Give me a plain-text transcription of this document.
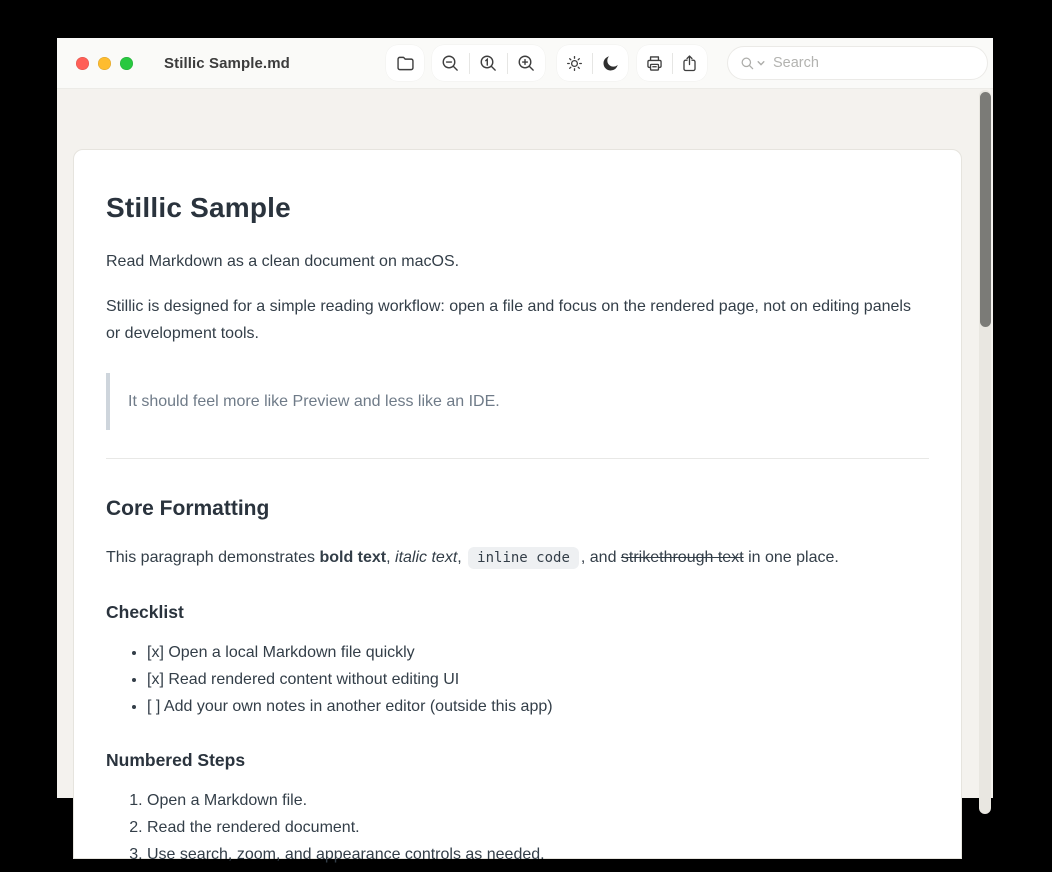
Stillic Sample.md
Search
Stillic Sample

Read Markdown as a clean document on macOS.

Stillic is designed for a simple reading workflow: open a file and focus on the rendered page, not on editing panels or development tools.

It should feel more like Preview and less like an IDE.

Core Formatting

This paragraph demonstrates bold text, italic text, inline code , and strikethrough text in one place.

Checklist
• [x] Open a local Markdown file quickly
• [x] Read rendered content without editing UI
• [ ] Add your own notes in another editor (outside this app)
Numbered Steps
1. Open a Markdown file.
2. Read the rendered document.
3. Use search, zoom, and appearance controls as needed.
